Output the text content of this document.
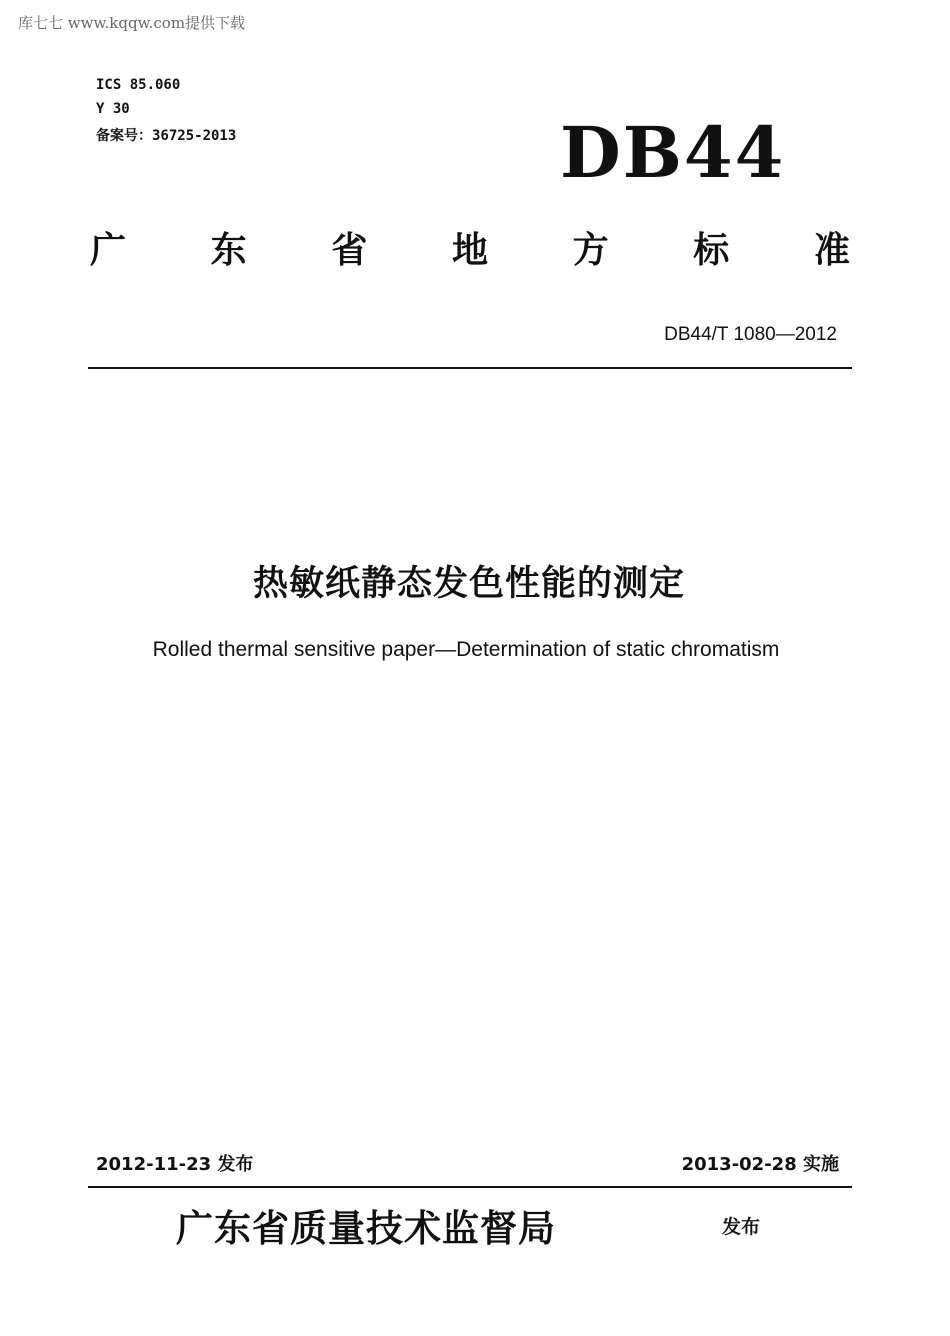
库七七 www.kqqw.com提供下载
ICS 85.060
Y 30
备案号：36725-2013	DB44
广 东 省 地 方 标 准
DB44/T 1080—2012
热敏纸静态发色性能的测定
Rolled thermal sensitive paper—Determination of static chromatism
2012-11-23 发布	2013-02-28 实施
广东省质量技术监督局	发布
